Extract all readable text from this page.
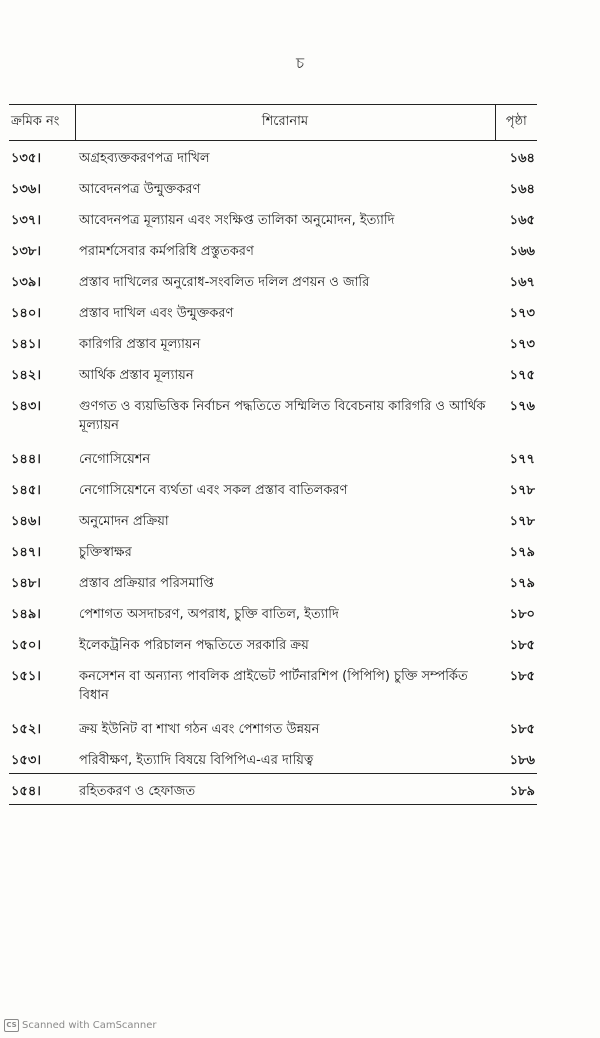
চ
ক্রমিক নং	শিরোনাম	পৃষ্ঠা
১৩৫।	অগ্রহব্যক্তকরণপত্র দাখিল	১৬৪
১৩৬।	আবেদনপত্র উন্মুক্তকরণ	১৬৪
১৩৭।	আবেদনপত্র মূল্যায়ন এবং সংক্ষিপ্ত তালিকা অনুমোদন, ইত্যাদি	১৬৫
১৩৮।	পরামর্শসেবার কর্মপরিধি প্রস্তুতকরণ	১৬৬
১৩৯।	প্রস্তাব দাখিলের অনুরোধ-সংবলিত দলিল প্রণয়ন ও জারি	১৬৭
১৪০।	প্রস্তাব দাখিল এবং উন্মুক্তকরণ	১৭৩
১৪১।	কারিগরি প্রস্তাব মূল্যায়ন	১৭৩
১৪২।	আর্থিক প্রস্তাব মূল্যায়ন	১৭৫
১৪৩।	গুণগত ও ব্যয়ভিত্তিক নির্বাচন পদ্ধতিতে সম্মিলিত বিবেচনায় কারিগরি ও আর্থিক মূল্যায়ন	১৭৬
১৪৪।	নেগোসিয়েশন	১৭৭
১৪৫।	নেগোসিয়েশনে ব্যর্থতা এবং সকল প্রস্তাব বাতিলকরণ	১৭৮
১৪৬।	অনুমোদন প্রক্রিয়া	১৭৮
১৪৭।	চুক্তিস্বাক্ষর	১৭৯
১৪৮।	প্রস্তাব প্রক্রিয়ার পরিসমাপ্তি	১৭৯
১৪৯।	পেশাগত অসদাচরণ, অপরাধ, চুক্তি বাতিল, ইত্যাদি	১৮০
১৫০।	ইলেকট্রনিক পরিচালন পদ্ধতিতে সরকারি ক্রয়	১৮৫
১৫১।	কনসেশন বা অন্যান্য পাবলিক প্রাইভেট পার্টনারশিপ (পিপিপি) চুক্তি সম্পর্কিত বিধান	১৮৫
১৫২।	ক্রয় ইউনিট বা শাখা গঠন এবং পেশাগত উন্নয়ন	১৮৫
১৫৩।	পরিবীক্ষণ, ইত্যাদি বিষয়ে বিপিপিএ-এর দায়িত্ব	১৮৬
১৫৪।	রহিতকরণ ও হেফাজত	১৮৯
CS Scanned with CamScanner
